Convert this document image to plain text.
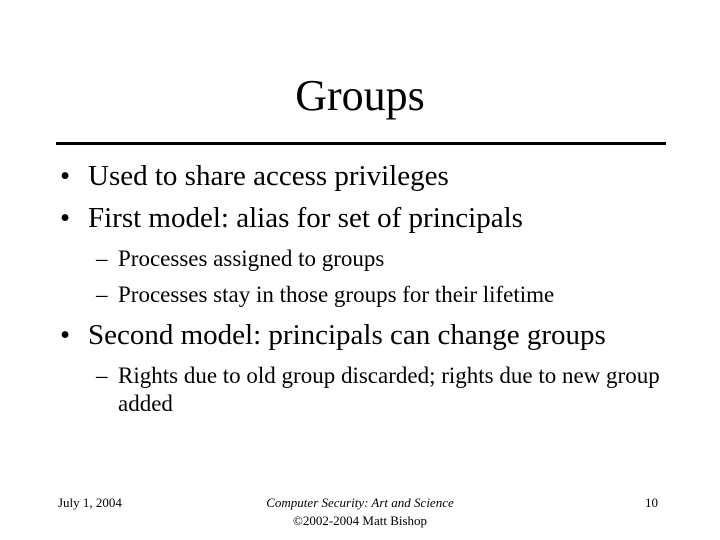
Groups
• Used to share access privileges
• First model: alias for set of principals
– Processes assigned to groups
– Processes stay in those groups for their lifetime
• Second model: principals can change groups
– Rights due to old group discarded; rights due to new group added
July 1, 2004	Computer Security: Art and Science
©2002-2004 Matt Bishop
10
